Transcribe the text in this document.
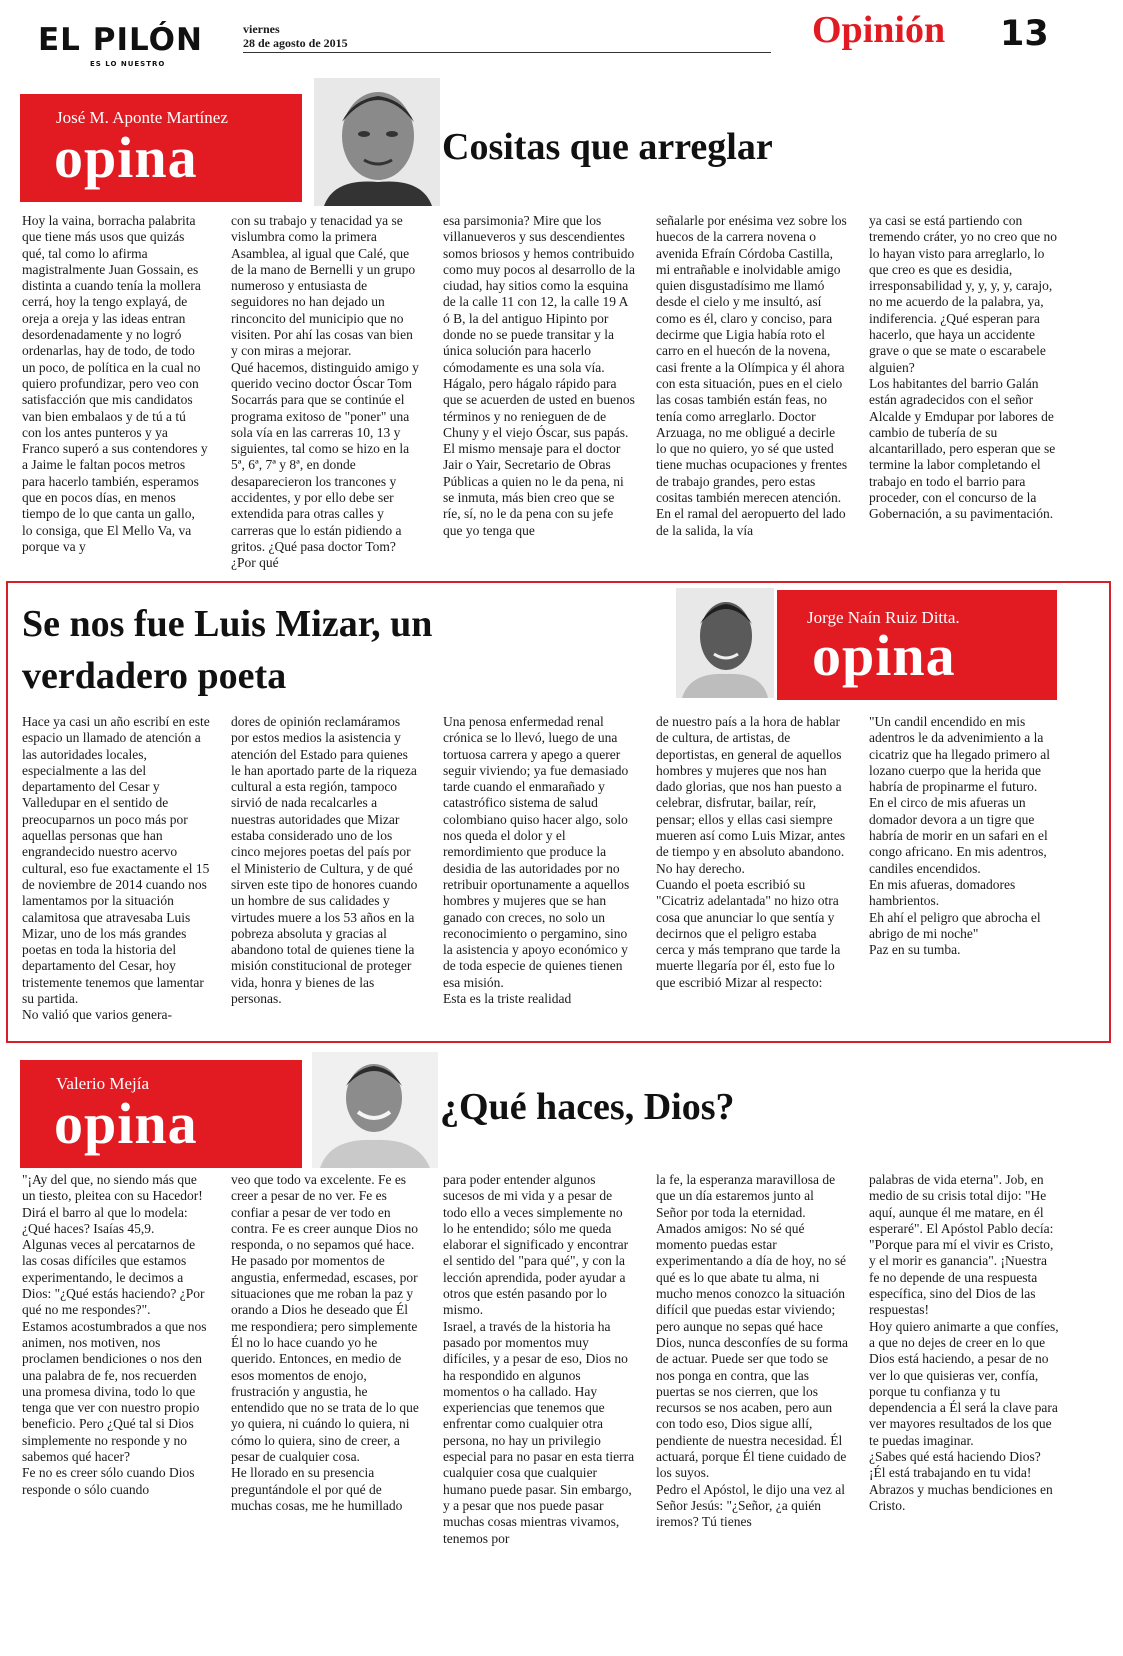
EL PILÓN
ES LO NUESTRO
viernes
28 de agosto de 2015	Opinión 13
José M. Aponte Martínez
opina	Cositas que arreglar
Hoy la vaina, borracha palabrita que tiene más usos que quizás qué, tal como lo afirma magistralmente Juan Gossain, es distinta a cuando tenía la mollera cerrá, hoy la tengo explayá, de oreja a oreja y las ideas entran desordenadamente y no logró ordenarlas, hay de todo, de todo un poco, de política en la cual no quiero profundizar, pero veo con satisfacción que mis candidatos van bien embalaos y de tú a tú con los antes punteros y ya Franco superó a sus contendores y a Jaime le faltan pocos metros para hacerlo también, esperamos que en pocos días, en menos tiempo de lo que canta un gallo, lo consiga, que El Mello Va, va porque va y
con su trabajo y tenacidad ya se vislumbra como la primera Asamblea, al igual que Calé, que de la mano de Bernelli y un grupo numeroso y entusiasta de seguidores no han dejado un rinconcito del municipio que no visiten. Por ahí las cosas van bien y con miras a mejorar.
Qué hacemos, distinguido amigo y querido vecino doctor Óscar Tom Socarrás para que se continúe el programa exitoso de "poner" una sola vía en las carreras 10, 13 y siguientes, tal como se hizo en la 5ª, 6ª, 7ª y 8ª, en donde desaparecieron los trancones y accidentes, y por ello debe ser extendida para otras calles y carreras que lo están pidiendo a gritos. ¿Qué pasa doctor Tom? ¿Por qué
esa parsimonia? Mire que los villanueveros y sus descendientes somos briosos y hemos contribuido como muy pocos al desarrollo de la ciudad, hay sitios como la esquina de la calle 11 con 12, la calle 19 A ó B, la del antiguo Hipinto por donde no se puede transitar y la única solución para hacerlo cómodamente es una sola vía. Hágalo, pero hágalo rápido para que se acuerden de usted en buenos términos y no renieguen de de Chuny y el viejo Óscar, sus papás.
El mismo mensaje para el doctor Jair o Yair, Secretario de Obras Públicas a quien no le da pena, ni se inmuta, más bien creo que se ríe, sí, no le da pena con su jefe que yo tenga que
señalarle por enésima vez sobre los huecos de la carrera novena o avenida Efraín Córdoba Castilla, mi entrañable e inolvidable amigo quien disgustadísimo me llamó desde el cielo y me insultó, así como es él, claro y conciso, para decirme que Ligia había roto el carro en el huecón de la novena, casi frente a la Olímpica y él ahora con esta situación, pues en el cielo las cosas también están feas, no tenía como arreglarlo. Doctor Arzuaga, no me obligué a decirle lo que no quiero, yo sé que usted tiene muchas ocupaciones y frentes de trabajo grandes, pero estas cositas también merecen atención.
En el ramal del aeropuerto del lado de la salida, la vía
ya casi se está partiendo con tremendo cráter, yo no creo que no lo hayan visto para arreglarlo, lo que creo es que es desidia, irresponsabilidad y, y, y, y, carajo, no me acuerdo de la palabra, ya, indiferencia. ¿Qué esperan para hacerlo, que haya un accidente grave o que se mate o escarabele alguien?
Los habitantes del barrio Galán están agradecidos con el señor Alcalde y Emdupar por labores de cambio de tubería de su alcantarillado, pero esperan que se termine la labor completando el trabajo en todo el barrio para proceder, con el concurso de la Gobernación, a su pavimentación.
Se nos fue Luis Mizar, un
verdadero poeta
Jorge Naín Ruiz Ditta.
opina
Hace ya casi un año escribí en este espacio un llamado de atención a las autoridades locales, especialmente a las del departamento del Cesar y Valledupar en el sentido de preocuparnos un poco más por aquellas personas que han engrandecido nuestro acervo cultural, eso fue exactamente el 15 de noviembre de 2014 cuando nos lamentamos por la situación calamitosa que atravesaba Luis Mizar, uno de los más grandes poetas en toda la historia del departamento del Cesar, hoy tristemente tenemos que lamentar su partida.
No valió que varios genera-
dores de opinión reclamáramos por estos medios la asistencia y atención del Estado para quienes le han aportado parte de la riqueza cultural a esta región, tampoco sirvió de nada recalcarles a nuestras autoridades que Mizar estaba considerado uno de los cinco mejores poetas del país por el Ministerio de Cultura, y de qué sirven este tipo de honores cuando un hombre de sus calidades y virtudes muere a los 53 años en la pobreza absoluta y gracias al abandono total de quienes tiene la misión constitucional de proteger vida, honra y bienes de las personas.
Una penosa enfermedad renal crónica se lo llevó, luego de una tortuosa carrera y apego a querer seguir viviendo; ya fue demasiado tarde cuando el enmarañado y catastrófico sistema de salud colombiano quiso hacer algo, solo nos queda el dolor y el remordimiento que produce la desidia de las autoridades por no retribuir oportunamente a aquellos hombres y mujeres que se han ganado con creces, no solo un reconocimiento o pergamino, sino la asistencia y apoyo económico y de toda especie de quienes tienen esa misión.
Esta es la triste realidad
de nuestro país a la hora de hablar de cultura, de artistas, de deportistas, en general de aquellos hombres y mujeres que nos han dado glorias, que nos han puesto a celebrar, disfrutar, bailar, reír, pensar; ellos y ellas casi siempre mueren así como Luis Mizar, antes de tiempo y en absoluto abandono. No hay derecho.
Cuando el poeta escribió su "Cicatriz adelantada" no hizo otra cosa que anunciar lo que sentía y decirnos que el peligro estaba cerca y más temprano que tarde la muerte llegaría por él, esto fue lo que escribió Mizar al respecto:
"Un candil encendido en mis adentros le da advenimiento a la cicatriz que ha llegado primero al lozano cuerpo que la herida que habría de propinarme el futuro.
En el circo de mis afueras un domador devora a un tigre que habría de morir en un safari en el congo africano. En mis adentros, candiles encendidos.
En mis afueras, domadores hambrientos.
Eh ahí el peligro que abrocha el abrigo de mi noche"
Paz en su tumba.
Valerio Mejía
opina	¿Qué haces, Dios?
"¡Ay del que, no siendo más que un tiesto, pleitea con su Hacedor! Dirá el barro al que lo modela: ¿Qué haces? Isaías 45,9.
Algunas veces al percatarnos de las cosas difíciles que estamos experimentando, le decimos a Dios: "¿Qué estás haciendo? ¿Por qué no me respondes?".
Estamos acostumbrados a que nos animen, nos motiven, nos proclamen bendiciones o nos den una palabra de fe, nos recuerden una promesa divina, todo lo que tenga que ver con nuestro propio beneficio. Pero ¿Qué tal si Dios simplemente no responde y no sabemos qué hacer?
Fe no es creer sólo cuando Dios responde o sólo cuando
veo que todo va excelente. Fe es creer a pesar de no ver. Fe es confiar a pesar de ver todo en contra. Fe es creer aunque Dios no responda, o no sepamos qué hace.
He pasado por momentos de angustia, enfermedad, escases, por situaciones que me roban la paz y orando a Dios he deseado que Él me respondiera; pero simplemente Él no lo hace cuando yo he querido. Entonces, en medio de esos momentos de enojo, frustración y angustia, he entendido que no se trata de lo que yo quiera, ni cuándo lo quiera, ni cómo lo quiera, sino de creer, a pesar de cualquier cosa.
He llorado en su presencia preguntándole el por qué de muchas cosas, me he humillado
para poder entender algunos sucesos de mi vida y a pesar de todo ello a veces simplemente no lo he entendido; sólo me queda elaborar el significado y encontrar el sentido del "para qué", y con la lección aprendida, poder ayudar a otros que estén pasando por lo mismo.
Israel, a través de la historia ha pasado por momentos muy difíciles, y a pesar de eso, Dios no ha respondido en algunos momentos o ha callado. Hay experiencias que tenemos que enfrentar como cualquier otra persona, no hay un privilegio especial para no pasar en esta tierra cualquier cosa que cualquier humano puede pasar. Sin embargo, y a pesar que nos puede pasar muchas cosas mientras vivamos, tenemos por
la fe, la esperanza maravillosa de que un día estaremos junto al Señor por toda la eternidad.
Amados amigos: No sé qué momento puedas estar experimentando a día de hoy, no sé qué es lo que abate tu alma, ni mucho menos conozco la situación difícil que puedas estar viviendo; pero aunque no sepas qué hace Dios, nunca desconfíes de su forma de actuar. Puede ser que todo se nos ponga en contra, que las puertas se nos cierren, que los recursos se nos acaben, pero aun con todo eso, Dios sigue allí, pendiente de nuestra necesidad. Él actuará, porque Él tiene cuidado de los suyos.
Pedro el Apóstol, le dijo una vez al Señor Jesús: "¿Señor, ¿a quién iremos? Tú tienes
palabras de vida eterna". Job, en medio de su crisis total dijo: "He aquí, aunque él me matare, en él esperaré". El Apóstol Pablo decía: "Porque para mí el vivir es Cristo, y el morir es ganancia". ¡Nuestra fe no depende de una respuesta específica, sino del Dios de las respuestas!
Hoy quiero animarte a que confíes, a que no dejes de creer en lo que Dios está haciendo, a pesar de no ver lo que quisieras ver, confía, porque tu confianza y tu dependencia a Él será la clave para ver mayores resultados de los que te puedas imaginar.
¿Sabes qué está haciendo Dios? ¡Él está trabajando en tu vida!
Abrazos y muchas bendiciones en Cristo.
